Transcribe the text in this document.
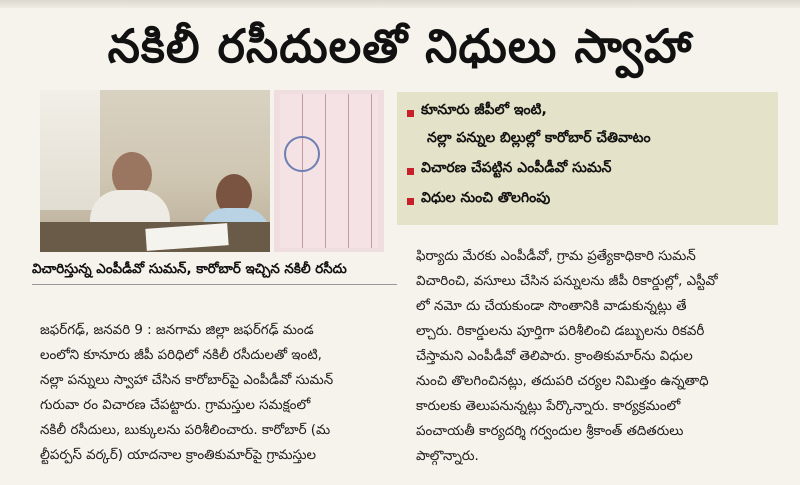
నకిలీ రసీదులతో నిధులు స్వాహా
విచారిస్తున్న ఎంపీడీవో సుమన్, కారోబార్ ఇచ్చిన నకిలీ రసీదు
కూనూరు జీపీలో ఇంటి,
నల్లా పన్నుల బిల్లుల్లో కారోబార్ చేతివాటం
విచారణ చేపట్టిన ఎంపీడీవో సుమన్
విధుల నుంచి తొలగింపు
జఫర్‌గఢ్, జనవరి 9 : జనగామ జిల్లా జఫర్‌గఢ్ మండ
లంలోని కూనూరు జీపీ పరిధిలో నకిలీ రసీదులతో ఇంటి,
నల్లా పన్నులు స్వాహా చేసిన కారోబార్‌పై ఎంపీడీవో సుమన్
గురువా రం విచారణ చేపట్టారు. గ్రామస్తుల సమక్షంలో
నకిలీ రసీదులు, బుక్కులను పరిశీలించారు. కారోబార్ (మ
ల్టీపర్పస్ వర్కర్) యాదనాల క్రాంతికుమార్‌పై గ్రామస్తుల
ఫిర్యాదు మేరకు ఎంపీడీవో, గ్రామ ప్రత్యేకాధికారి సుమన్
విచారించి, వసూలు చేసిన పన్నులను జీపీ రికార్డుల్లో, ఎస్టీవో
లో నమో దు చేయకుండా సొంతానికి వాడుకున్నట్లు తే
ల్చారు. రికార్డులను పూర్తిగా పరిశీలించి డబ్బులను రికవరీ
చేస్తామని ఎంపీడీవో తెలిపారు. క్రాంతికుమార్‌ను విధుల
నుంచి తొలగించినట్లు, తదుపరి చర్యల నిమిత్తం ఉన్నతాధి
కారులకు తెలుపనున్నట్లు పేర్కొన్నారు. కార్యక్రమంలో
పంచాయతీ కార్యదర్శి గర్వందుల శ్రీకాంత్ తదితరులు
పాల్గొన్నారు.
